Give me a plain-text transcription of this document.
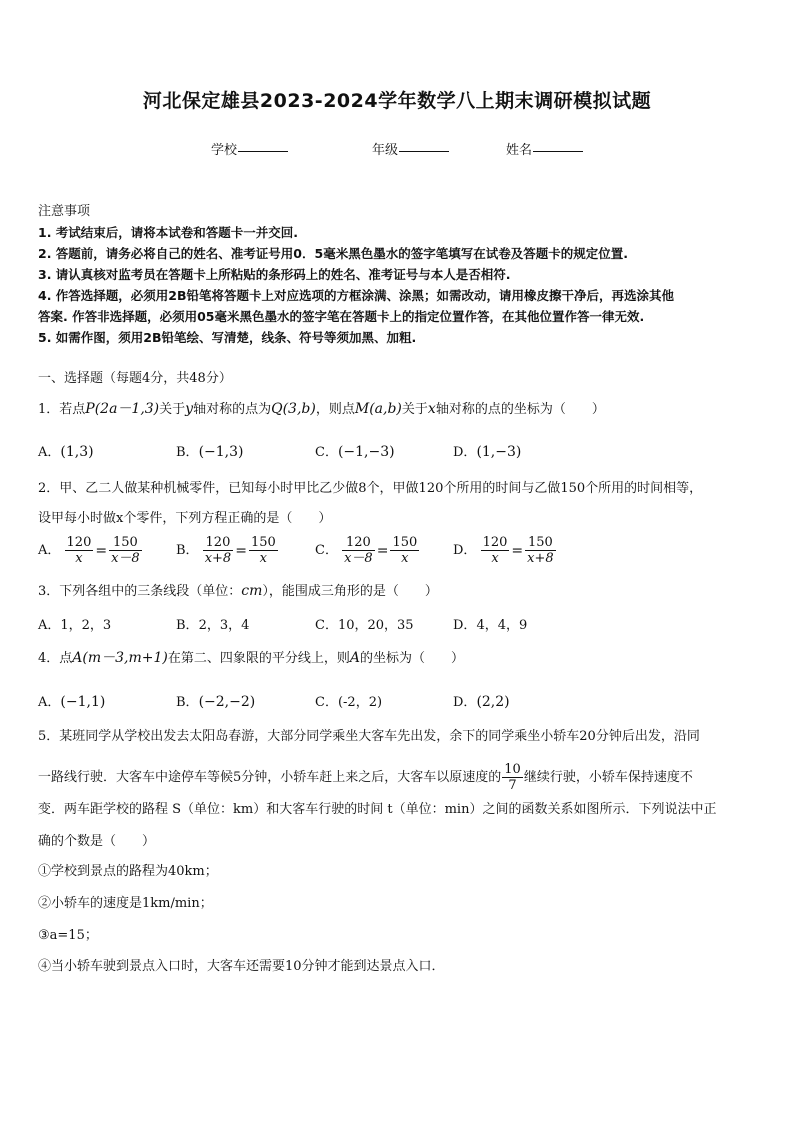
河北保定雄县2023-2024学年数学八上期末调研模拟试题
学校	年级	姓名
注意事项
1. 考试结束后，请将本试卷和答题卡一并交回.
2. 答题前，请务必将自己的姓名、准考证号用0．5毫米黑色墨水的签字笔填写在试卷及答题卡的规定位置.
3. 请认真核对监考员在答题卡上所粘贴的条形码上的姓名、准考证号与本人是否相符.
4. 作答选择题，必须用2B铅笔将答题卡上对应选项的方框涂满、涂黑；如需改动，请用橡皮擦干净后，再选涂其他
答案. 作答非选择题，必须用05毫米黑色墨水的签字笔在答题卡上的指定位置作答，在其他位置作答一律无效.
5. 如需作图，须用2B铅笔绘、写清楚，线条、符号等须加黑、加粗.
一、选择题（每题4分，共48分）
1．若点P(2a－1,3)关于y轴对称的点为Q(3,b)，则点M(a,b)关于x轴对称的点的坐标为（　　）
A．(1,3)	B．(−1,3)	C．(−1,−3)	D．(1,−3)
2．甲、乙二人做某种机械零件，已知每小时甲比乙少做8个，甲做120个所用的时间与乙做150个所用的时间相等，
设甲每小时做x个零件，下列方程正确的是（　　）
A． $\frac{120}{x} = \frac{150}{x-8}$	B． $\frac{120}{x+8} = \frac{150}{x}$	C． $\frac{120}{x-8} = \frac{150}{x}$	D． $\frac{120}{x} = \frac{150}{x+8}$
3．下列各组中的三条线段（单位：cm），能围成三角形的是（　　）
A．1，2，3	B．2，3，4	C．10，20，35	D．4，4，9
4．点A(m－3,m+1)在第二、四象限的平分线上，则A的坐标为（　　）
A．(−1,1)	B．(−2,−2)	C．(-2，2)	D．(2,2)
5．某班同学从学校出发去太阳岛春游，大部分同学乘坐大客车先出发，余下的同学乘坐小轿车20分钟后出发，沿同
一路线行驶．大客车中途停车等候5分钟，小轿车赶上来之后，大客车以原速度的 $\frac{10}{7}$ 继续行驶，小轿车保持速度不
变．两车距学校的路程 S（单位：km）和大客车行驶的时间 t（单位：min）之间的函数关系如图所示．下列说法中正
确的个数是（　　）
①学校到景点的路程为40km；
②小轿车的速度是1km/min；
③a=15；
④当小轿车驶到景点入口时，大客车还需要10分钟才能到达景点入口．
